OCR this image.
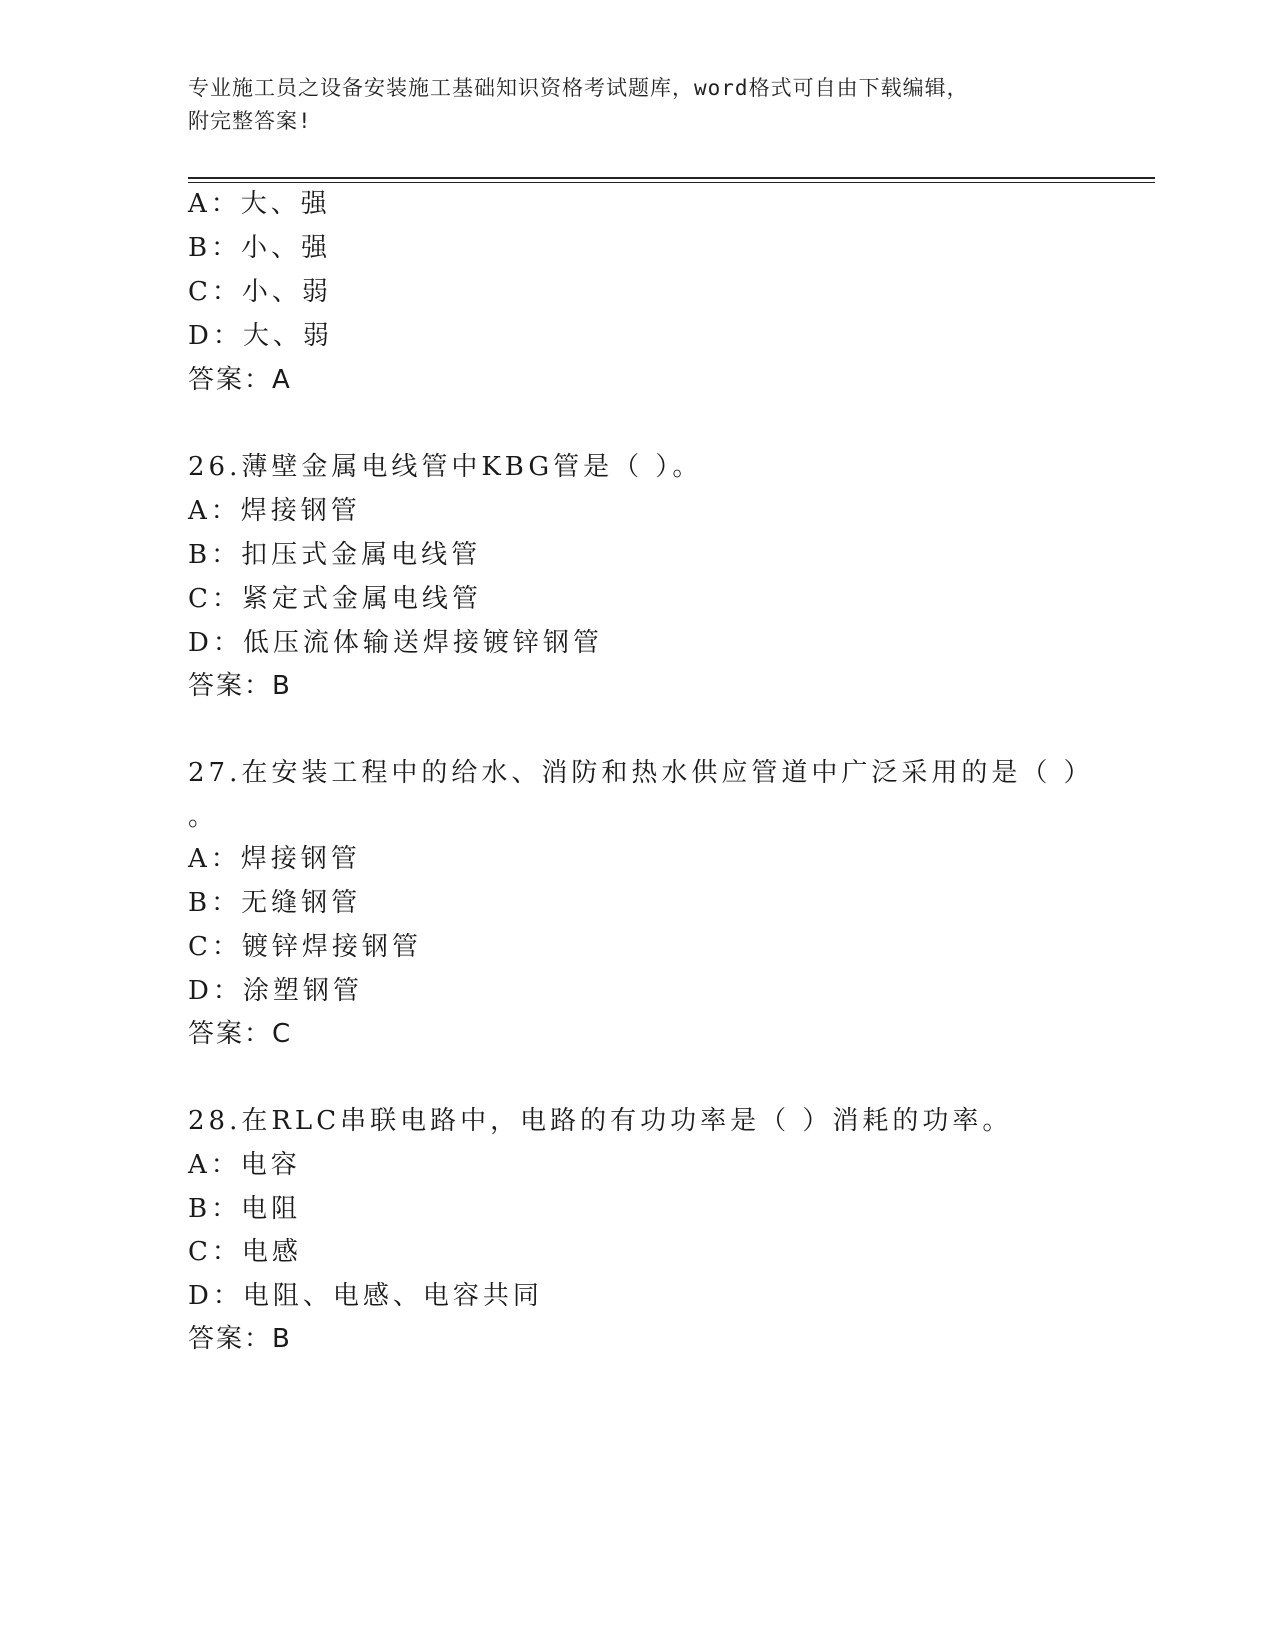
专业施工员之设备安装施工基础知识资格考试题库，word格式可自由下载编辑，
附完整答案!
A：大、强
B：小、强
C：小、弱
D：大、弱
答案：A
26.薄壁金属电线管中KBG管是（ ）。
A：焊接钢管
B：扣压式金属电线管
C：紧定式金属电线管
D：低压流体输送焊接镀锌钢管
答案：B
27.在安装工程中的给水、消防和热水供应管道中广泛采用的是（ ）
。
A：焊接钢管
B：无缝钢管
C：镀锌焊接钢管
D：涂塑钢管
答案：C
28.在RLC串联电路中，电路的有功功率是（ ）消耗的功率。
A：电容
B：电阻
C：电感
D：电阻、电感、电容共同
答案：B
